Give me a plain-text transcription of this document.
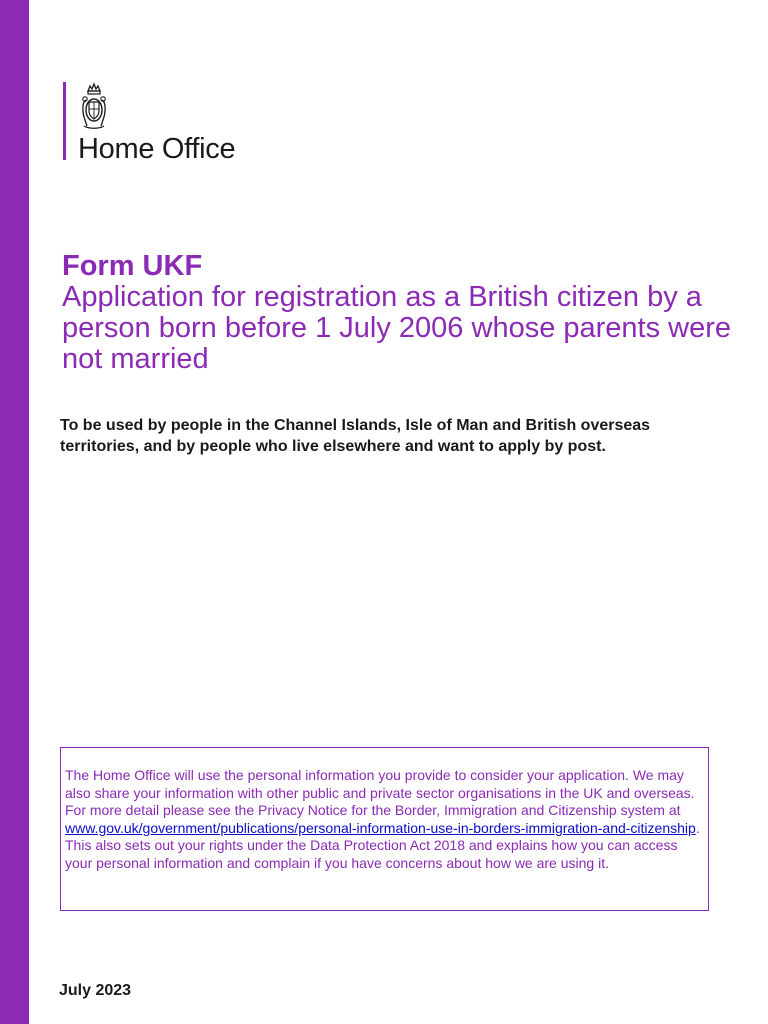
Home Office
Form UKF
Application for registration as a British citizen by a person born before 1 July 2006 whose parents were not married
To be used by people in the Channel Islands, Isle of Man and British overseas territories, and by people who live elsewhere and want to apply by post.

The Home Office will use the personal information you provide to consider your application. We may also share your information with other public and private sector organisations in the UK and overseas. For more detail please see the Privacy Notice for the Border, Immigration and Citizenship system at www.gov.uk/government/publications/personal-information-use-in-borders-immigration-and-citizenship. This also sets out your rights under the Data Protection Act 2018 and explains how you can access your personal information and complain if you have concerns about how we are using it.

July 2023
